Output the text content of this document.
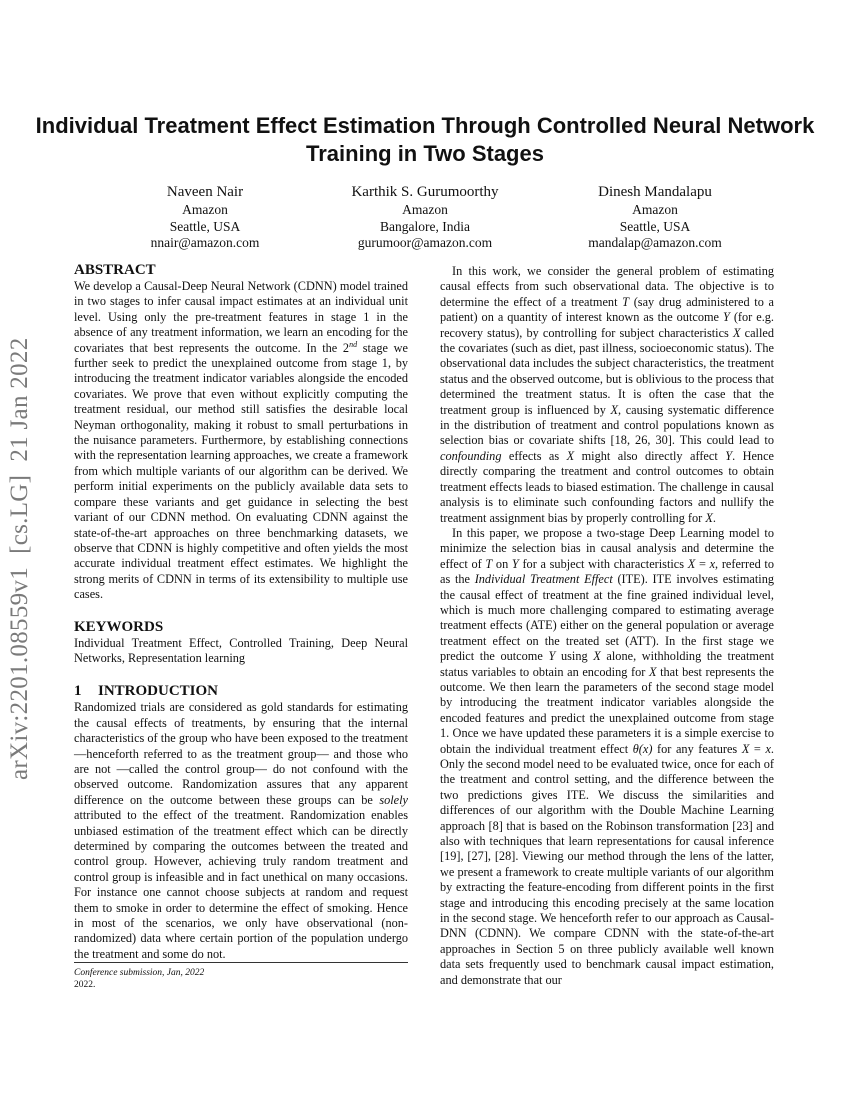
arXiv:2201.08559v1  [cs.LG]  21 Jan 2022
Individual Treatment Effect Estimation Through Controlled Neural Network Training in Two Stages
Naveen Nair
Amazon
Seattle, USA
nnair@amazon.com
Karthik S. Gurumoorthy
Amazon
Bangalore, India
gurumoor@amazon.com
Dinesh Mandalapu
Amazon
Seattle, USA
mandalap@amazon.com
ABSTRACT

We develop a Causal-Deep Neural Network (CDNN) model trained in two stages to infer causal impact estimates at an individual unit level. Using only the pre-treatment features in stage 1 in the absence of any treatment information, we learn an encoding for the covariates that best represents the outcome. In the 2nd stage we further seek to predict the unexplained outcome from stage 1, by introducing the treatment indicator variables alongside the encoded covariates. We prove that even without explicitly computing the treatment residual, our method still satisfies the desirable local Neyman orthogonality, making it robust to small perturbations in the nuisance parameters. Furthermore, by establishing connections with the representation learning approaches, we create a framework from which multiple variants of our algorithm can be derived. We perform initial experiments on the publicly available data sets to compare these variants and get guidance in selecting the best variant of our CDNN method. On evaluating CDNN against the state-of-the-art approaches on three benchmarking datasets, we observe that CDNN is highly competitive and often yields the most accurate individual treatment effect estimates. We highlight the strong merits of CDNN in terms of its extensibility to multiple use cases.

KEYWORDS

Individual Treatment Effect, Controlled Training, Deep Neural Networks, Representation learning

1 INTRODUCTION

Randomized trials are considered as gold standards for estimating the causal effects of treatments, by ensuring that the internal characteristics of the group who have been exposed to the treatment —henceforth referred to as the treatment group— and those who are not —called the control group— do not confound with the observed outcome. Randomization assures that any apparent difference on the outcome between these groups can be solely attributed to the effect of the treatment. Randomization enables unbiased estimation of the treatment effect which can be directly determined by comparing the outcomes between the treated and control group. However, achieving truly random treatment and control group is infeasible and in fact unethical on many occasions. For instance one cannot choose subjects at random and request them to smoke in order to determine the effect of smoking. Hence in most of the scenarios, we only have observational (non-randomized) data where certain portion of the population undergo the treatment and some do not.

In this work, we consider the general problem of estimating causal effects from such observational data. The objective is to determine the effect of a treatment T (say drug administered to a patient) on a quantity of interest known as the outcome Y (for e.g. recovery status), by controlling for subject characteristics X called the covariates (such as diet, past illness, socioeconomic status). The observational data includes the subject characteristics, the treatment status and the observed outcome, but is oblivious to the process that determined the treatment status. It is often the case that the treatment group is influenced by X, causing systematic difference in the distribution of treatment and control populations known as selection bias or covariate shifts [18, 26, 30]. This could lead to confounding effects as X might also directly affect Y. Hence directly comparing the treatment and control outcomes to obtain treatment effects leads to biased estimation. The challenge in causal analysis is to eliminate such confounding factors and nullify the treatment assignment bias by properly controlling for X.

In this paper, we propose a two-stage Deep Learning model to minimize the selection bias in causal analysis and determine the effect of T on Y for a subject with characteristics X = x, referred to as the Individual Treatment Effect (ITE). ITE involves estimating the causal effect of treatment at the fine grained individual level, which is much more challenging compared to estimating average treatment effects (ATE) either on the general population or average treatment effect on the treated set (ATT). In the first stage we predict the outcome Y using X alone, withholding the treatment status variables to obtain an encoding for X that best represents the outcome. We then learn the parameters of the second stage model by introducing the treatment indicator variables alongside the encoded features and predict the unexplained outcome from stage 1. Once we have updated these parameters it is a simple exercise to obtain the individual treatment effect θ(x) for any features X = x. Only the second model need to be evaluated twice, once for each of the treatment and control setting, and the difference between the two predictions gives ITE. We discuss the similarities and differences of our algorithm with the Double Machine Learning approach [8] that is based on the Robinson transformation [23] and also with techniques that learn representations for causal inference [19], [27], [28]. Viewing our method through the lens of the latter, we present a framework to create multiple variants of our algorithm by extracting the feature-encoding from different points in the first stage and introducing this encoding precisely at the same location in the second stage. We henceforth refer to our approach as Causal-DNN (CDNN). We compare CDNN with the state-of-the-art approaches in Section 5 on three publicly available well known data sets frequently used to benchmark causal impact estimation, and demonstrate that our

Conference submission, Jan, 2022
2022.
